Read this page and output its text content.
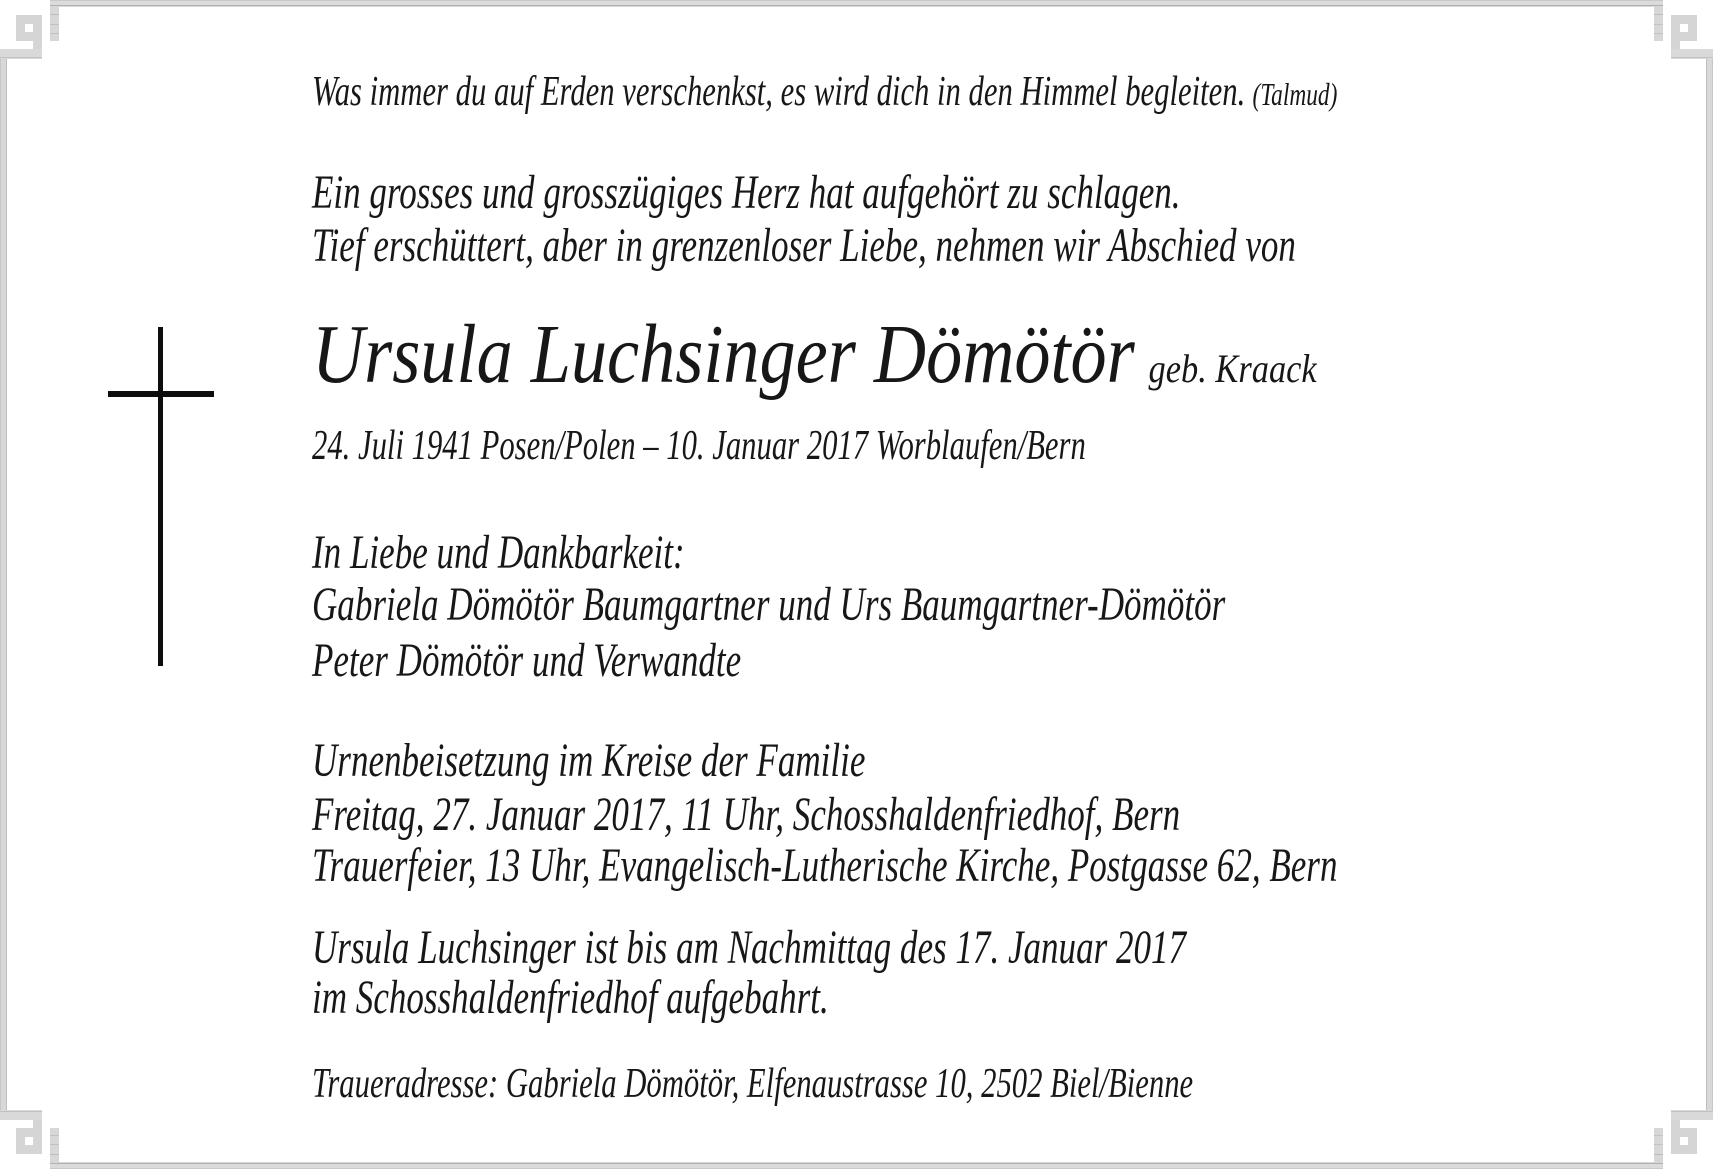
Was immer du auf Erden verschenkst, es wird dich in den Himmel begleiten. (Talmud)
Ein grosses und grosszügiges Herz hat aufgehört zu schlagen.
Tief erschüttert, aber in grenzenloser Liebe, nehmen wir Abschied von
Ursula Luchsinger Dömötör geb. Kraack
24. Juli 1941 Posen/Polen – 10. Januar 2017 Worblaufen/Bern
In Liebe und Dankbarkeit:
Gabriela Dömötör Baumgartner und Urs Baumgartner-Dömötör
Peter Dömötör und Verwandte
Urnenbeisetzung im Kreise der Familie
Freitag, 27. Januar 2017, 11 Uhr, Schosshaldenfriedhof, Bern
Trauerfeier, 13 Uhr, Evangelisch-Lutherische Kirche, Postgasse 62, Bern
Ursula Luchsinger ist bis am Nachmittag des 17. Januar 2017
im Schosshaldenfriedhof aufgebahrt.
Traueradresse: Gabriela Dömötör, Elfenaustrasse 10, 2502 Biel/Bienne
